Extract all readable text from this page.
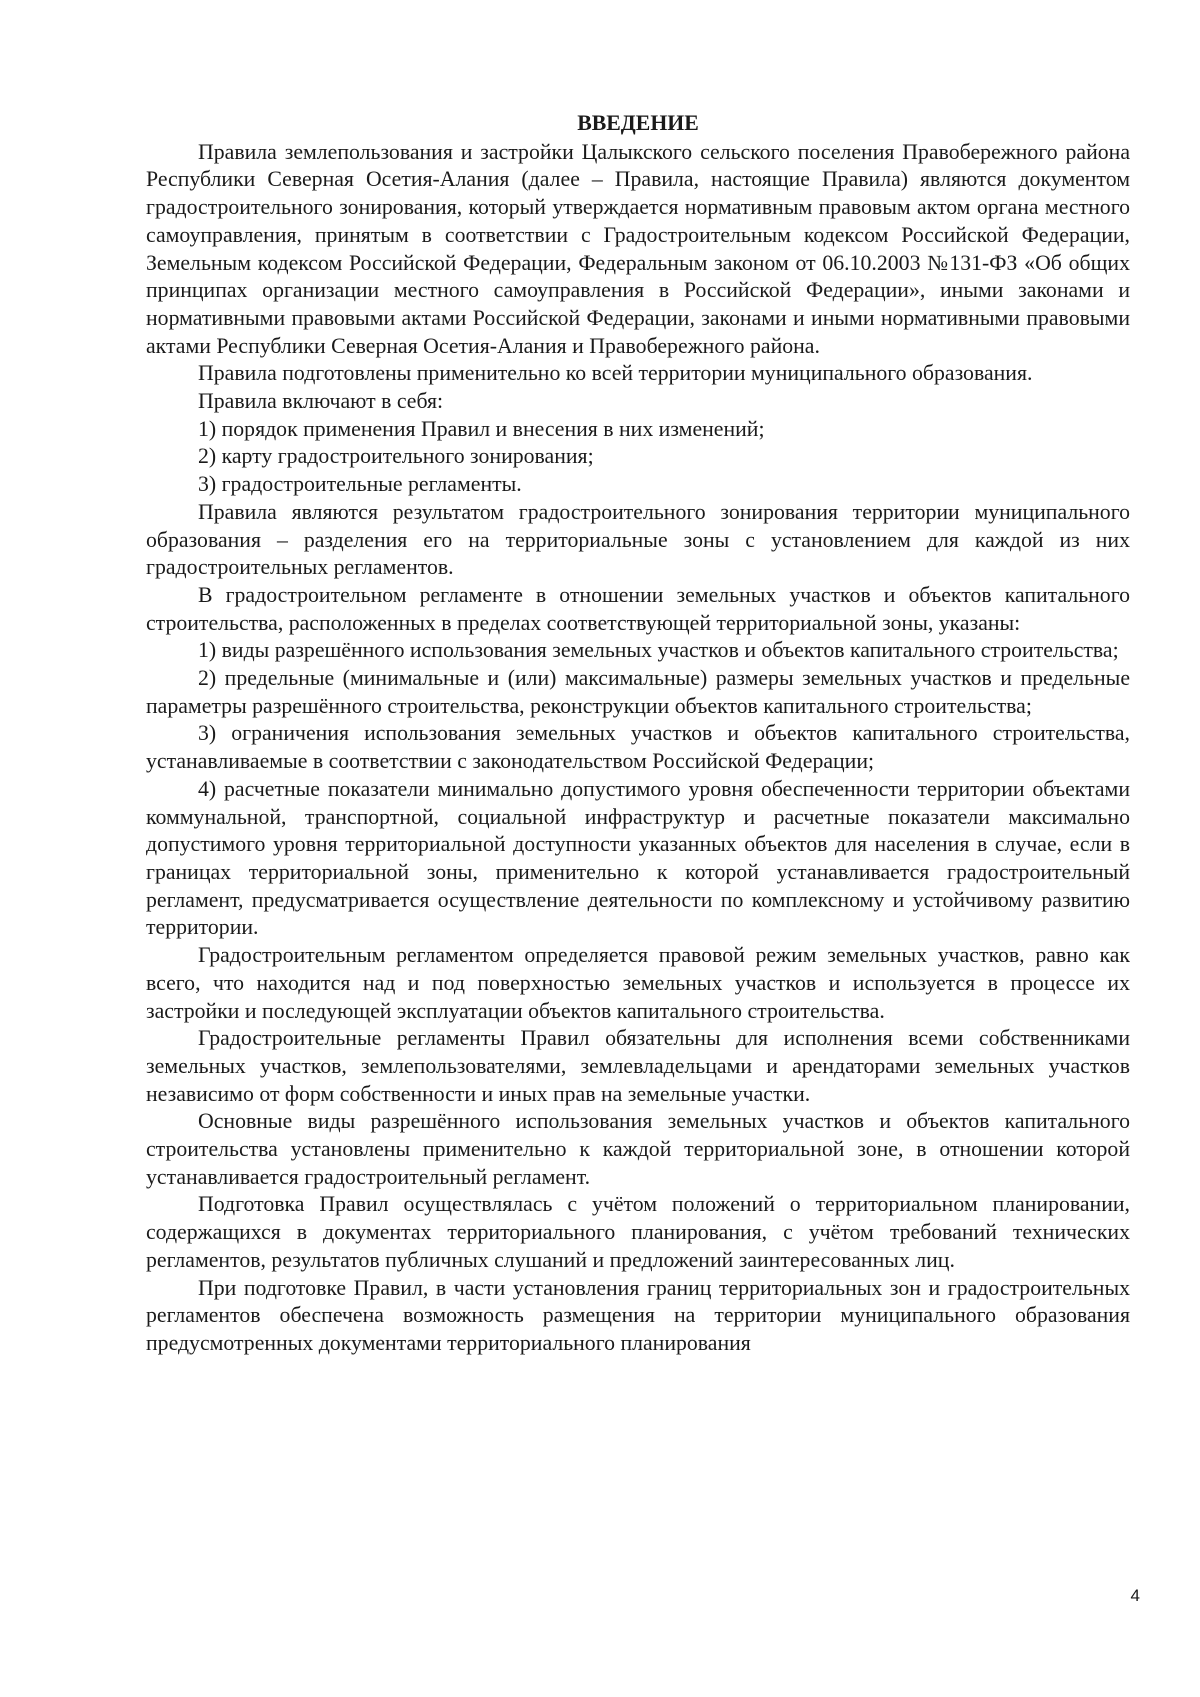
ВВЕДЕНИЕ

Правила землепользования и застройки Цалыкского сельского поселения Правобережного района Республики Северная Осетия-Алания (далее – Правила, настоящие Правила) являются документом градостроительного зонирования, который утверждается нормативным правовым актом органа местного самоуправления, принятым в соответствии с Градостроительным кодексом Российской Федерации, Земельным кодексом Российской Федерации, Федеральным законом от 06.10.2003 №131-ФЗ «Об общих принципах организации местного самоуправления в Российской Федерации», иными законами и нормативными правовыми актами Российской Федерации, законами и иными нормативными правовыми актами Республики Северная Осетия-Алания и Правобережного района.

Правила подготовлены применительно ко всей территории муниципального образования.

Правила включают в себя:

1) порядок применения Правил и внесения в них изменений;

2) карту градостроительного зонирования;

3) градостроительные регламенты.

Правила являются результатом градостроительного зонирования территории муниципального образования – разделения его на территориальные зоны с установлением для каждой из них градостроительных регламентов.

В градостроительном регламенте в отношении земельных участков и объектов капитального строительства, расположенных в пределах соответствующей территориальной зоны, указаны:

1) виды разрешённого использования земельных участков и объектов капитального строительства;

2) предельные (минимальные и (или) максимальные) размеры земельных участков и предельные параметры разрешённого строительства, реконструкции объектов капитального строительства;

3) ограничения использования земельных участков и объектов капитального строительства, устанавливаемые в соответствии с законодательством Российской Федерации;

4) расчетные показатели минимально допустимого уровня обеспеченности территории объектами коммунальной, транспортной, социальной инфраструктур и расчетные показатели максимально допустимого уровня территориальной доступности указанных объектов для населения в случае, если в границах территориальной зоны, применительно к которой устанавливается градостроительный регламент, предусматривается осуществление деятельности по комплексному и устойчивому развитию территории.

Градостроительным регламентом определяется правовой режим земельных участков, равно как всего, что находится над и под поверхностью земельных участков и используется в процессе их застройки и последующей эксплуатации объектов капитального строительства.

Градостроительные регламенты Правил обязательны для исполнения всеми собственниками земельных участков, землепользователями, землевладельцами и арендаторами земельных участков независимо от форм собственности и иных прав на земельные участки.

Основные виды разрешённого использования земельных участков и объектов капитального строительства установлены применительно к каждой территориальной зоне, в отношении которой устанавливается градостроительный регламент.

Подготовка Правил осуществлялась с учётом положений о территориальном планировании, содержащихся в документах территориального планирования, с учётом требований технических регламентов, результатов публичных слушаний и предложений заинтересованных лиц.

При подготовке Правил, в части установления границ территориальных зон и градостроительных регламентов обеспечена возможность размещения на территории муниципального образования предусмотренных документами территориального планирования

4
